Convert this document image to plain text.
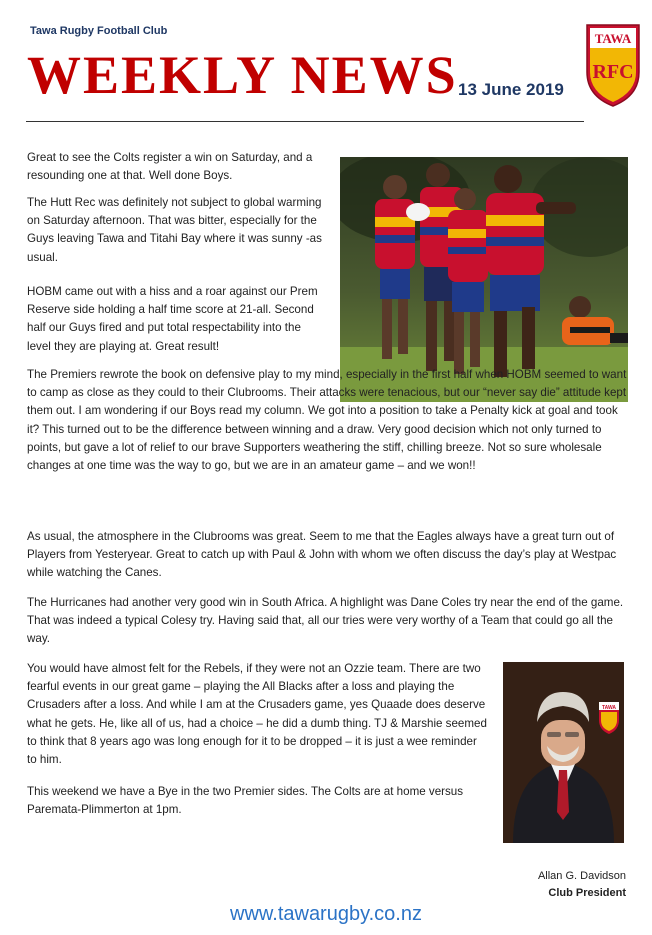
Tawa Rugby Football Club
WEEKLY NEWS 13 June 2019
TAWA
RFC
TAWA

Great to see the Colts register a win on Saturday, and a resounding one at that. Well done Boys.

The Hutt Rec was definitely not subject to global warming on Saturday afternoon. That was bitter, especially for the Guys leaving Tawa and Titahi Bay where it was sunny -as usual.

HOBM came out with a hiss and a roar against our Prem Reserve side holding a half time score at 21-all. Second half our Guys fired and put total respectability into the level they are playing at. Great result!

The Premiers rewrote the book on defensive play to my mind, especially in the first half when HOBM seemed to want to camp as close as they could to their Clubrooms. Their attacks were tenacious, but our “never say die” attitude kept them out. I am wondering if our Boys read my column. We got into a position to take a Penalty kick at goal and took it? This turned out to be the difference between winning and a draw. Very good decision which not only turned to points, but gave a lot of relief to our brave Supporters weathering the stiff, chilling breeze. Not so sure wholesale changes at one time was the way to go, but we are in an amateur game – and we won!!

As usual, the atmosphere in the Clubrooms was great. Seem to me that the Eagles always have a great turn out of Players from Yesteryear. Great to catch up with Paul & John with whom we often discuss the day’s play at Westpac while watching the Canes.

The Hurricanes had another very good win in South Africa. A highlight was Dane Coles try near the end of the game. That was indeed a typical Colesy try. Having said that, all our tries were very worthy of a Team that could go all the way.

You would have almost felt for the Rebels, if they were not an Ozzie team. There are two fearful events in our great game – playing the All Blacks after a loss and playing the Crusaders after a loss. And while I am at the Crusaders game, yes Quaade does deserve what he gets. He, like all of us, had a choice – he did a dumb thing. TJ & Marshie seemed to think that 8 years ago was long enough for it to be dropped – it is just a wee reminder to him.

This weekend we have a Bye in the two Premier sides. The Colts are at home versus Paremata-Plimmerton at 1pm.

Allan G. Davidson
Club President
www.tawarugby.co.nz
